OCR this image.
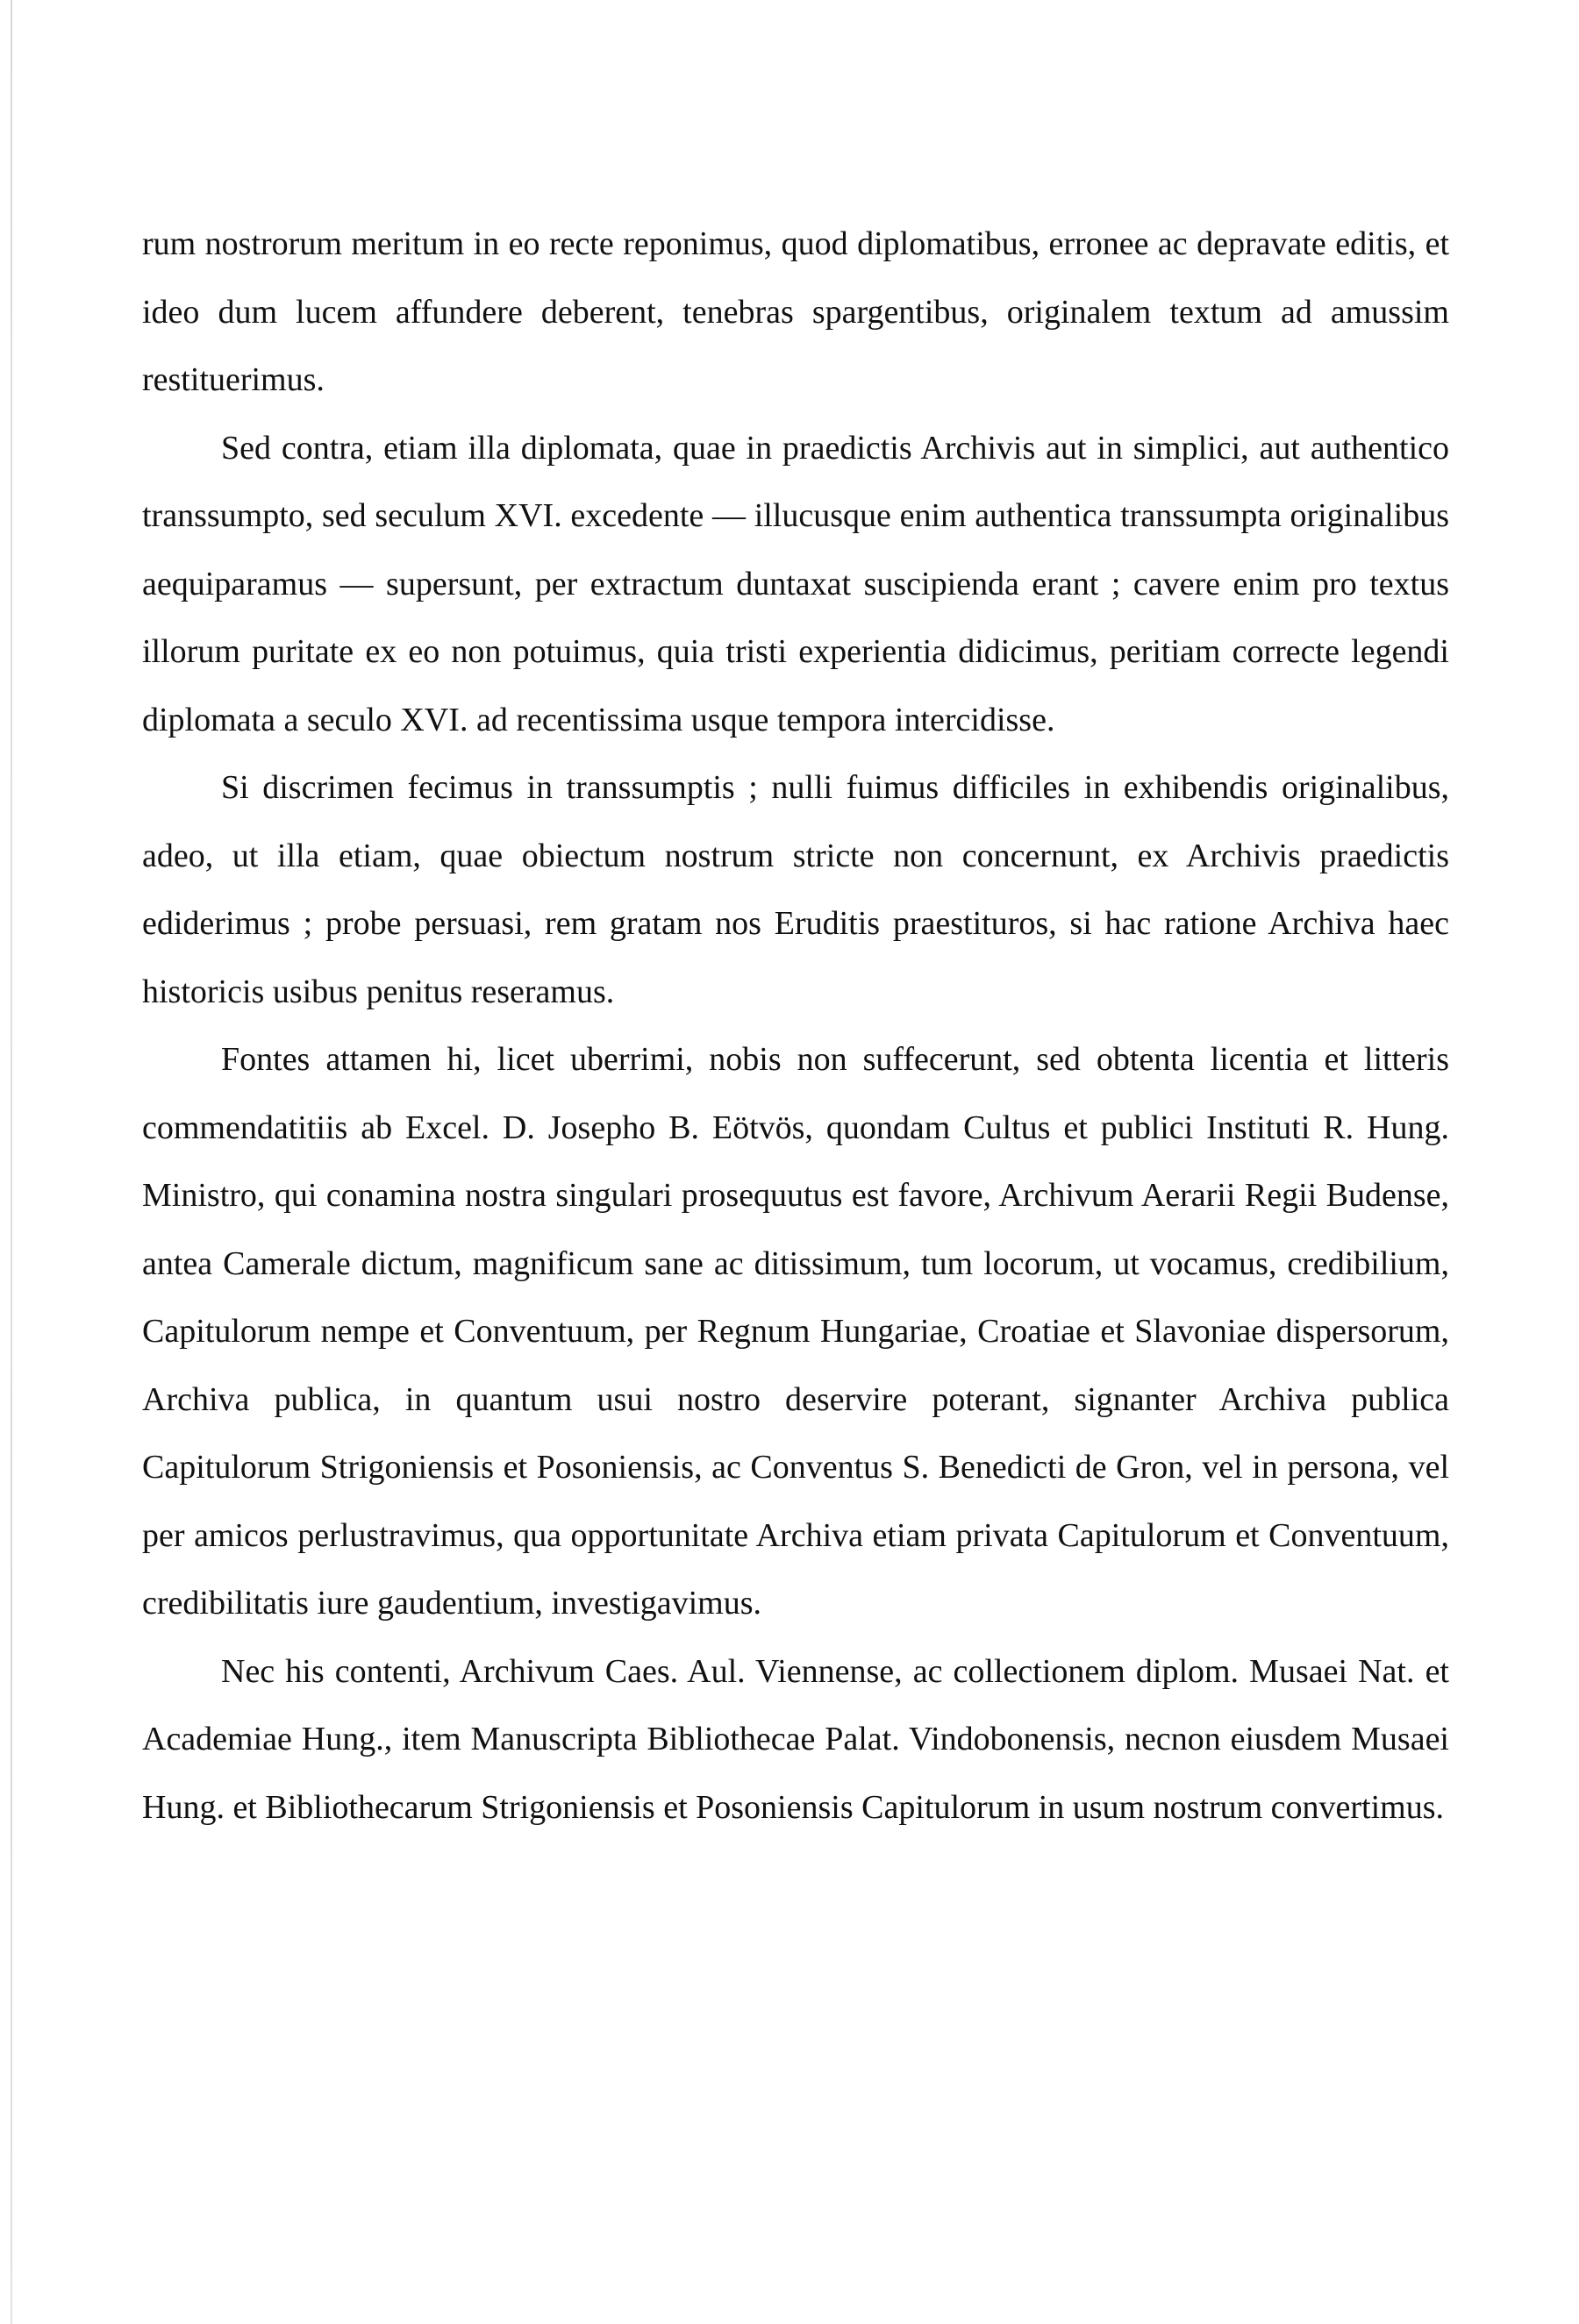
rum nostrorum meritum in eo recte reponimus, quod diplomatibus, erronee ac depravate editis, et ideo dum lucem affundere deberent, tenebras spargentibus, originalem textum ad amussim restituerimus.

Sed contra, etiam illa diplomata, quae in praedictis Archivis aut in simplici, aut authentico transsumpto, sed seculum XVI. excedente — illucusque enim authentica transsumpta originalibus aequiparamus — supersunt, per extractum duntaxat suscipienda erant ; cavere enim pro textus illorum puritate ex eo non potuimus, quia tristi experientia didicimus, peritiam correcte legendi diplomata a seculo XVI. ad recentissima usque tempora intercidisse.

Si discrimen fecimus in transsumptis ; nulli fuimus difficiles in exhibendis originalibus, adeo, ut illa etiam, quae obiectum nostrum stricte non concernunt, ex Archivis praedictis ediderimus ; probe persuasi, rem gratam nos Eruditis praestituros, si hac ratione Archiva haec historicis usibus penitus reseramus.

Fontes attamen hi, licet uberrimi, nobis non suffecerunt, sed obtenta licentia et litteris commendatitiis ab Excel. D. Josepho B. Eötvös, quondam Cultus et publici Instituti R. Hung. Ministro, qui conamina nostra singulari prosequutus est favore, Archivum Aerarii Regii Budense, antea Camerale dictum, magnificum sane ac ditissimum, tum locorum, ut vocamus, credibilium, Capitulorum nempe et Conventuum, per Regnum Hungariae, Croatiae et Slavoniae dispersorum, Archiva publica, in quantum usui nostro deservire poterant, signanter Archiva publica Capitulorum Strigoniensis et Posoniensis, ac Conventus S. Benedicti de Gron, vel in persona, vel per amicos perlustravimus, qua opportunitate Archiva etiam privata Capitulorum et Conventuum, credibilitatis iure gaudentium, investigavimus.

Nec his contenti, Archivum Caes. Aul. Viennense, ac collectionem diplom. Musaei Nat. et Academiae Hung., item Manuscripta Bibliothecae Palat. Vindobonensis, necnon eiusdem Musaei Hung. et Bibliothecarum Strigoniensis et Posoniensis Capitulorum in usum nostrum convertimus.
